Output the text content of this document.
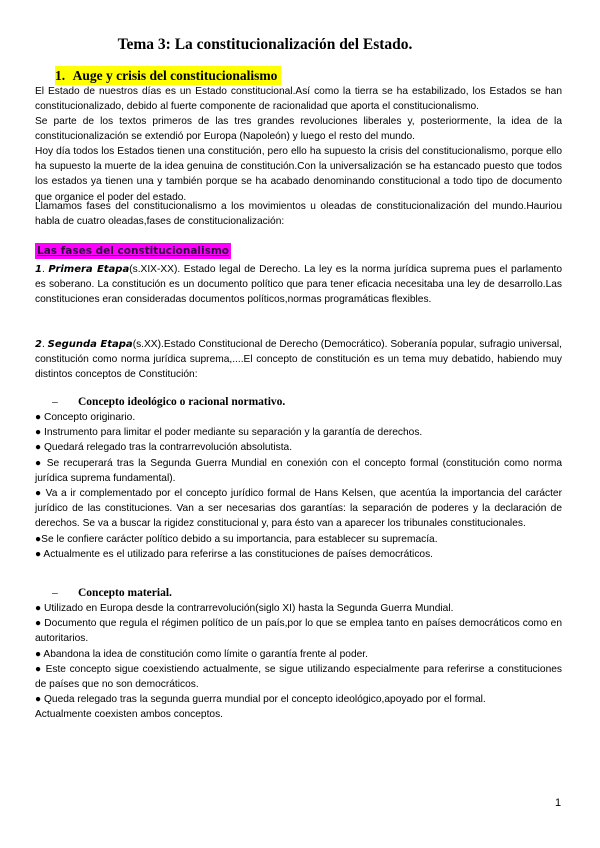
Tema 3: La constitucionalización del Estado.
1. Auge y crisis del constitucionalismo
El Estado de nuestros días es un Estado constitucional.Así como la tierra se ha estabilizado, los Estados se han constitucionalizado, debido al fuerte componente de racionalidad que aporta el constitucionalismo.
Se parte de los textos primeros de las tres grandes revoluciones liberales y, posteriormente, la idea de la constitucionalización se extendió por Europa (Napoleón) y luego el resto del mundo.
Hoy día todos los Estados tienen una constitución, pero ello ha supuesto la crisis del constitucionalismo, porque ello ha supuesto la muerte de la idea genuina de constitución.Con la universalización se ha estancado puesto que todos los estados ya tienen una y también porque se ha acabado denominando constitucional a todo tipo de documento que organice el poder del estado.
Llamamos fases del constitucionalismo a los movimientos u oleadas de constitucionalización del mundo.Hauriou habla de cuatro oleadas,fases de constitucionalización:
Las fases del constitucionalismo
1. Primera Etapa(s.XIX-XX). Estado legal de Derecho. La ley es la norma jurídica suprema pues el parlamento es soberano. La constitución es un documento político que para tener eficacia necesitaba una ley de desarrollo.Las constituciones eran consideradas documentos políticos,normas programáticas flexibles.
2. Segunda Etapa(s.XX).Estado Constitucional de Derecho (Democrático). Soberanía popular, sufragio universal, constitución como norma jurídica suprema,....El concepto de constitución es un tema muy debatido, habiendo muy distintos conceptos de Constitución:
– Concepto ideológico o racional normativo.
● Concepto originario.
● Instrumento para limitar el poder mediante su separación y la garantía de derechos.
● Quedará relegado tras la contrarrevolución absolutista.
● Se recuperará tras la Segunda Guerra Mundial en conexión con el concepto formal (constitución como norma jurídica suprema fundamental).
● Va a ir complementado por el concepto jurídico formal de Hans Kelsen, que acentúa la importancia del carácter jurídico de las constituciones. Van a ser necesarias dos garantías: la separación de poderes y la declaración de derechos. Se va a buscar la rigidez constitucional y, para ésto van a aparecer los tribunales constitucionales.
●Se le confiere carácter político debido a su importancia, para establecer su supremacía.
● Actualmente es el utilizado para referirse a las constituciones de países democráticos.
– Concepto material.
● Utilizado en Europa desde la contrarrevolución(siglo XI) hasta la Segunda Guerra Mundial.
● Documento que regula el régimen político de un país,por lo que se emplea tanto en países democráticos como en autoritarios.
● Abandona la idea de constitución como límite o garantía frente al poder.
● Este concepto sigue coexistiendo actualmente, se sigue utilizando especialmente para referirse a constituciones de países que no son democráticos.
● Queda relegado tras la segunda guerra mundial por el concepto ideológico,apoyado por el formal.
Actualmente coexisten ambos conceptos.
1
